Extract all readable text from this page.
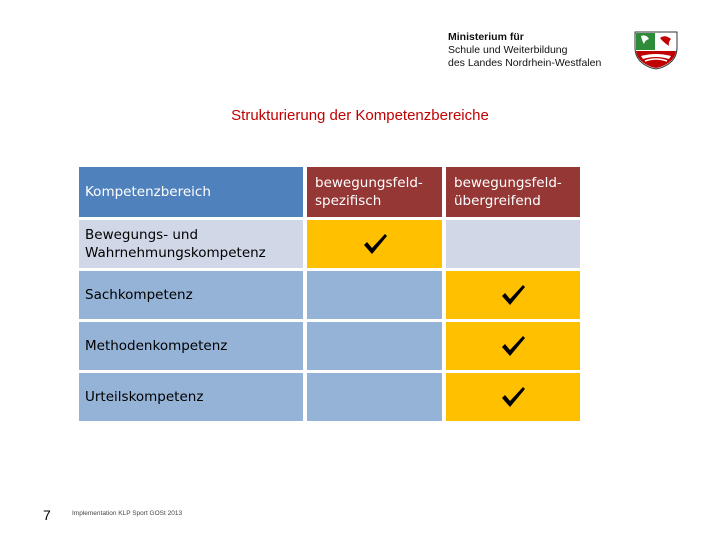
Ministerium für
Schule und Weiterbildung
des Landes Nordrhein-Westfalen
Strukturierung der Kompetenzbereiche
Kompetenzbereich
bewegungsfeld-
spezifisch
bewegungsfeld-
übergreifend
Bewegungs- und
Wahrnehmungskompetenz
Sachkompetenz
Methodenkompetenz
Urteilskompetenz
7	Implementation KLP Sport GOSt 2013
